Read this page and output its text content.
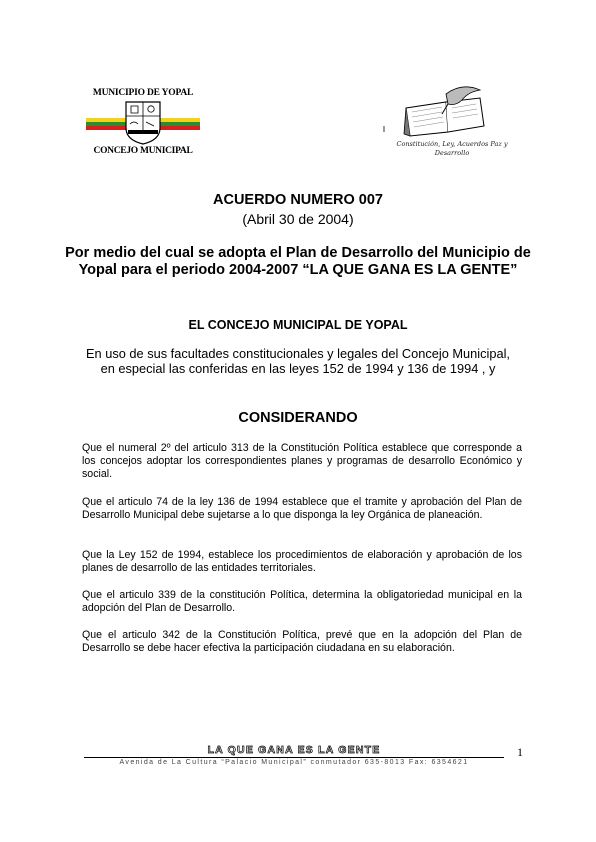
MUNICIPIO DE YOPAL
CONCEJO MUNICIPAL
Constitución, Ley, Acuerdos Paz y Desarrollo
ACUERDO NUMERO 007
(Abril 30 de 2004)
Por medio del cual se adopta el Plan de Desarrollo del Municipio de Yopal para el periodo 2004-2007 “LA QUE GANA ES LA GENTE”
EL CONCEJO MUNICIPAL DE YOPAL
En uso de sus facultades constitucionales y legales del Concejo Municipal, en especial las conferidas en las leyes 152 de 1994 y 136 de 1994 , y
CONSIDERANDO
Que el numeral 2º del articulo 313 de la Constitución Política establece que corresponde a los concejos adoptar los correspondientes planes y programas de desarrollo Económico y social.
Que el articulo 74 de la ley 136 de 1994 establece que el tramite y aprobación del Plan de Desarrollo Municipal debe sujetarse a lo que disponga la ley Orgánica de planeación.
Que la Ley 152 de 1994, establece los procedimientos de elaboración y aprobación de los planes de desarrollo de las entidades territoriales.
Que el articulo 339 de la constitución Política, determina la obligatoriedad municipal en la adopción del Plan de Desarrollo.
Que el articulo 342 de la Constitución Política, prevé que en la adopción del Plan de Desarrollo se debe hacer efectiva la participación ciudadana en su elaboración.
LA QUE GANA ES LA GENTE
Avenida de La Cultura “Palacio Municipal” conmutador 635-8013 Fax: 6354621
1
